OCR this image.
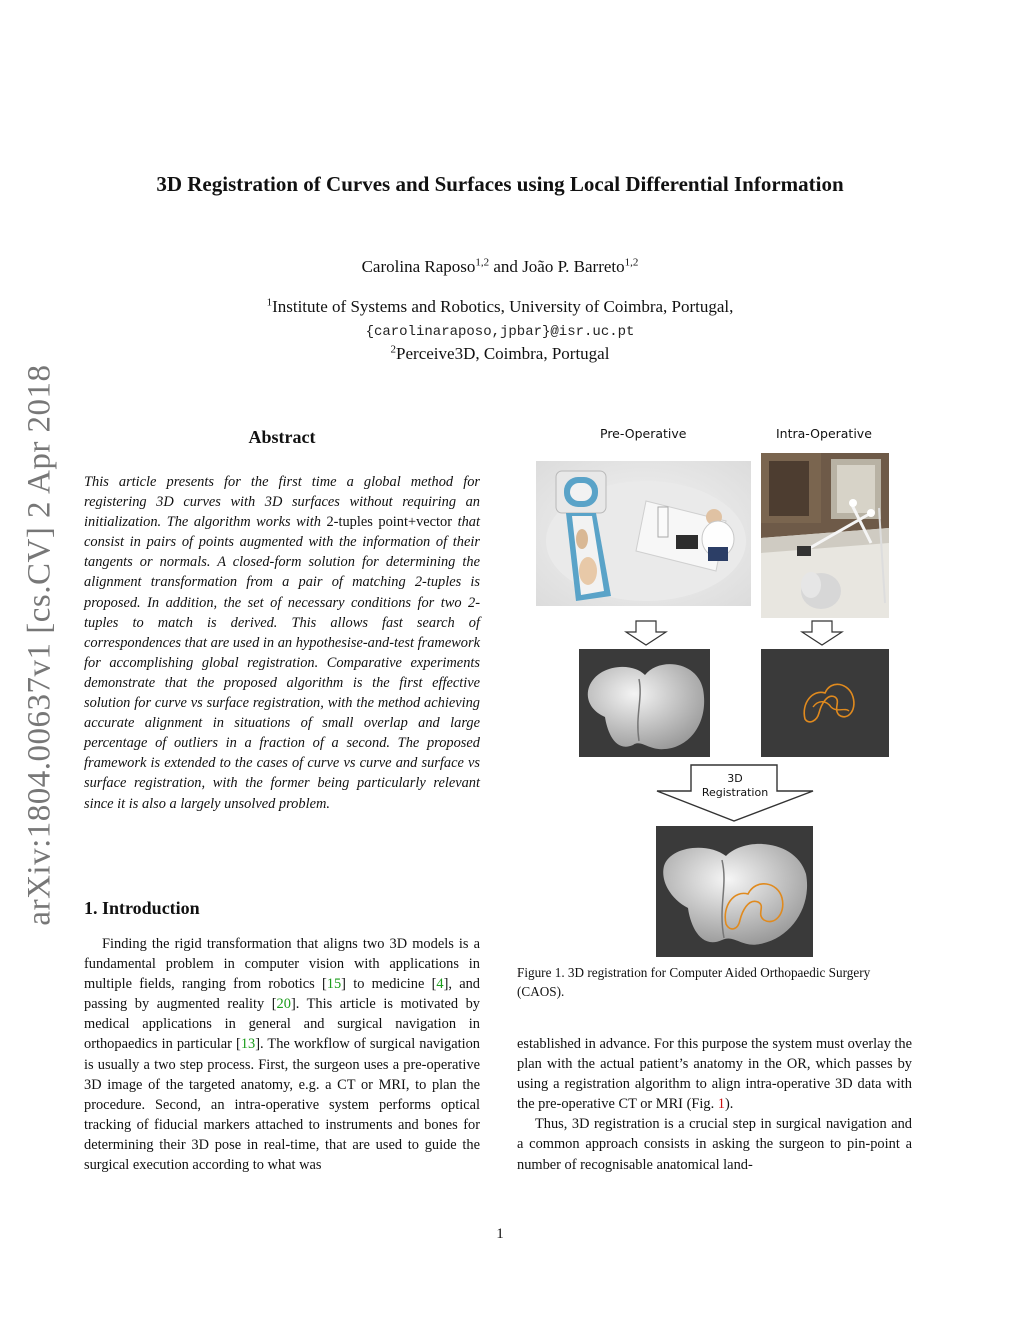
arXiv:1804.00637v1 [cs.CV] 2 Apr 2018
3D Registration of Curves and Surfaces using Local Differential Information
Carolina Raposo$^{1,2}$ and João P. Barreto$^{1,2}$
$^1$Institute of Systems and Robotics, University of Coimbra, Portugal,
{carolinaraposo,jpbar}@isr.uc.pt
$^2$Perceive3D, Coimbra, Portugal
Abstract
This article presents for the first time a global method for registering 3D curves with 3D surfaces without requiring an initialization. The algorithm works with 2-tuples point+vector that consist in pairs of points augmented with the information of their tangents or normals. A closed-form solution for determining the alignment transformation from a pair of matching 2-tuples is proposed. In addition, the set of necessary conditions for two 2-tuples to match is derived. This allows fast search of correspondences that are used in an hypothesise-and-test framework for accomplishing global registration. Comparative experiments demonstrate that the proposed algorithm is the first effective solution for curve vs surface registration, with the method achieving accurate alignment in situations of small overlap and large percentage of outliers in a fraction of a second. The proposed framework is extended to the cases of curve vs curve and surface vs surface registration, with the former being particularly relevant since it is also a largely unsolved problem.
1. Introduction

Finding the rigid transformation that aligns two 3D models is a fundamental problem in computer vision with applications in multiple fields, ranging from robotics [15] to medicine [4], and passing by augmented reality [20]. This article is motivated by medical applications in general and surgical navigation in orthopaedics in particular [13]. The workflow of surgical navigation is usually a two step process. First, the surgeon uses a pre-operative 3D image of the targeted anatomy, e.g. a CT or MRI, to plan the procedure. Second, an intra-operative system performs optical tracking of fiducial markers attached to instruments and bones for determining their 3D pose in real-time, that are used to guide the surgical execution according to what was

Pre-Operative	Intra-Operative
3D
Registration
Figure 1. 3D registration for Computer Aided Orthopaedic Surgery (CAOS).

established in advance. For this purpose the system must overlay the plan with the actual patient’s anatomy in the OR, which passes by using a registration algorithm to align intra-operative 3D data with the pre-operative CT or MRI (Fig. 1).

Thus, 3D registration is a crucial step in surgical navigation and a common approach consists in asking the surgeon to pin-point a number of recognisable anatomical land-

1
